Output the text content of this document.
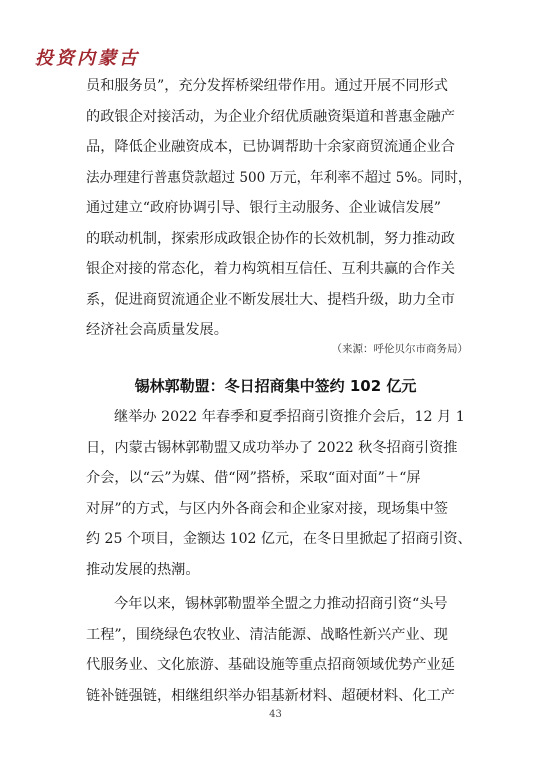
投资内蒙古
员和服务员”，充分发挥桥梁纽带作用。通过开展不同形式
的政银企对接活动，为企业介绍优质融资渠道和普惠金融产
品，降低企业融资成本，已协调帮助十余家商贸流通企业合
法办理建行普惠贷款超过 500 万元，年利率不超过 5%。同时，
通过建立“政府协调引导、银行主动服务、企业诚信发展”
的联动机制，探索形成政银企协作的长效机制，努力推动政
银企对接的常态化，着力构筑相互信任、互利共赢的合作关
系，促进商贸流通企业不断发展壮大、提档升级，助力全市
经济社会高质量发展。
（来源：呼伦贝尔市商务局）
锡林郭勒盟：冬日招商集中签约 102 亿元
继举办 2022 年春季和夏季招商引资推介会后，12 月 1
日，内蒙古锡林郭勒盟又成功举办了 2022 秋冬招商引资推
介会，以“云”为媒、借“网”搭桥，采取“面对面”＋“屏
对屏”的方式，与区内外各商会和企业家对接，现场集中签
约 25 个项目，金额达 102 亿元，在冬日里掀起了招商引资、
推动发展的热潮。
今年以来，锡林郭勒盟举全盟之力推动招商引资“头号
工程”，围绕绿色农牧业、清洁能源、战略性新兴产业、现
代服务业、文化旅游、基础设施等重点招商领域优势产业延
链补链强链，相继组织举办铝基新材料、超硬材料、化工产
43
